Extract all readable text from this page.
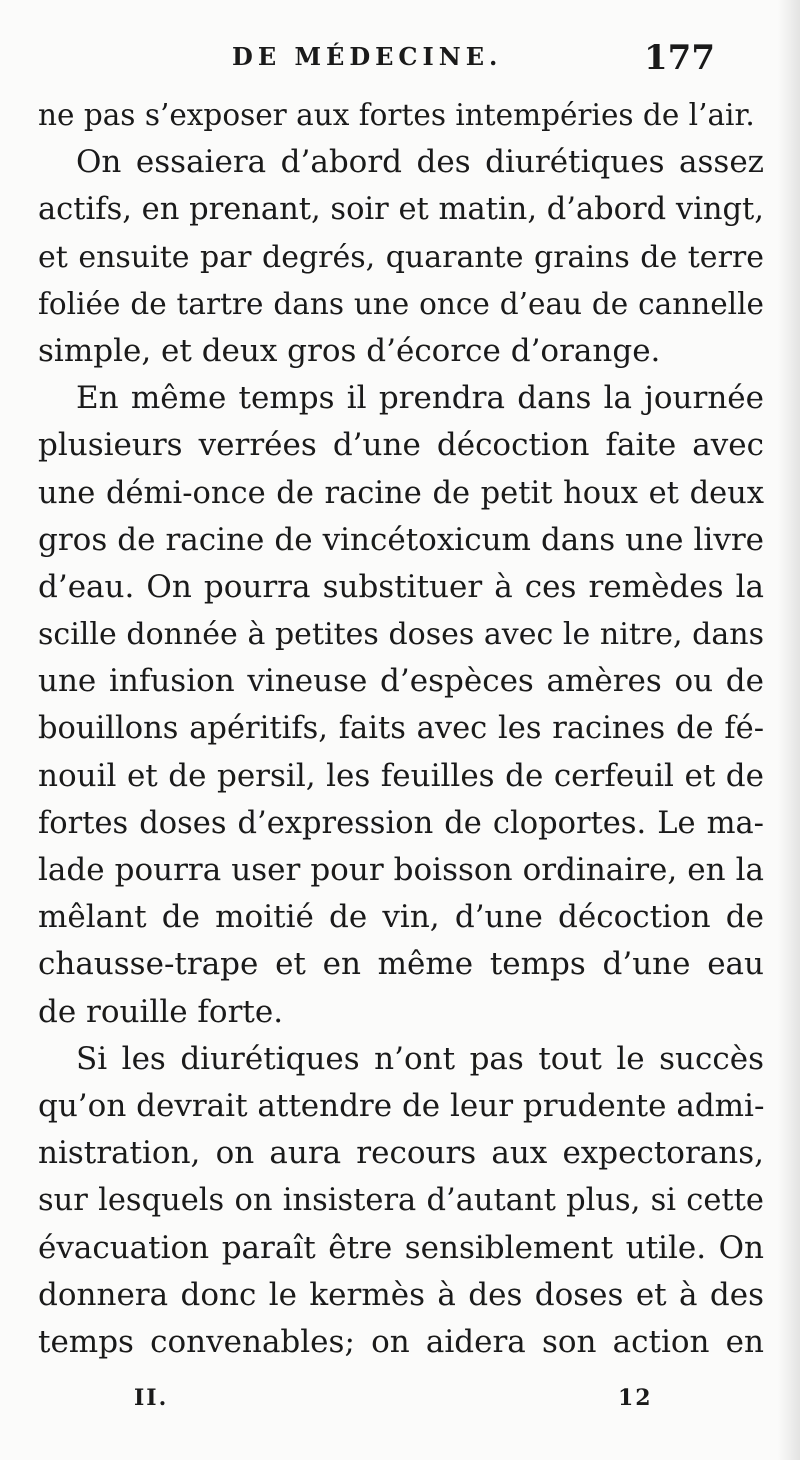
DE MÉDECINE.	177
ne pas s’exposer aux fortes intempéries de l’air.
On essaiera d’abord des diurétiques assez
actifs, en prenant, soir et matin, d’abord vingt,
et ensuite par degrés, quarante grains de terre
foliée de tartre dans une once d’eau de cannelle
simple, et deux gros d’écorce d’orange.
En même temps il prendra dans la journée
plusieurs verrées d’une décoction faite avec
une démi-once de racine de petit houx et deux
gros de racine de vincétoxicum dans une livre
d’eau. On pourra substituer à ces remèdes la
scille donnée à petites doses avec le nitre, dans
une infusion vineuse d’espèces amères ou de
bouillons apéritifs, faits avec les racines de fé-
nouil et de persil, les feuilles de cerfeuil et de
fortes doses d’expression de cloportes. Le ma-
lade pourra user pour boisson ordinaire, en la
mêlant de moitié de vin, d’une décoction de
chausse-trape et en même temps d’une eau
de rouille forte.
Si les diurétiques n’ont pas tout le succès
qu’on devrait attendre de leur prudente admi-
nistration, on aura recours aux expectorans,
sur lesquels on insistera d’autant plus, si cette
évacuation paraît être sensiblement utile. On
donnera donc le kermès à des doses et à des
temps convenables; on aidera son action en
II.	12
